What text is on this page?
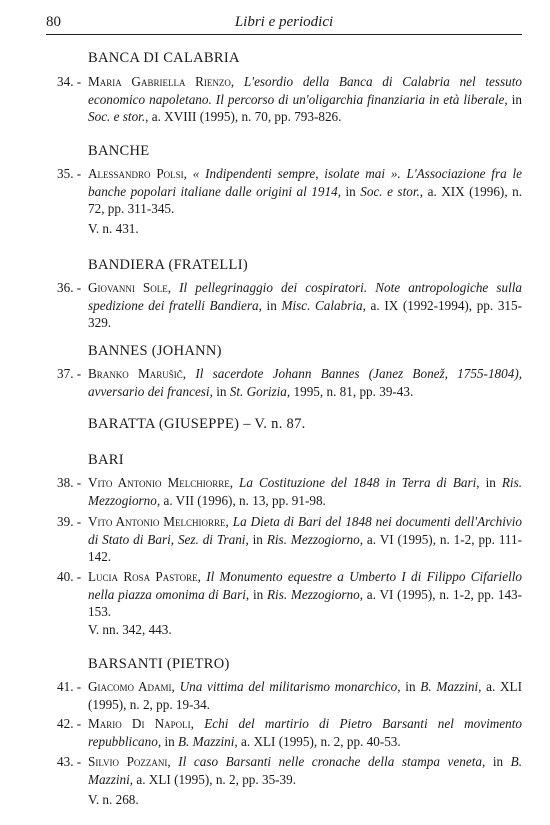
80	Libri e periodici
BANCA DI CALABRIA
34. - Maria Gabriella Rienzo, L'esordio della Banca di Calabria nel tessuto economico napoletano. Il percorso di un'oligarchia finanziaria in età liberale, in Soc. e stor., a. XVIII (1995), n. 70, pp. 793-826.
BANCHE
35. - Alessandro Polsi, « Indipendenti sempre, isolate mai ». L'Associazione fra le banche popolari italiane dalle origini al 1914, in Soc. e stor., a. XIX (1996), n. 72, pp. 311-345.
V. n. 431.
BANDIERA (FRATELLI)
36. - Giovanni Sole, Il pellegrinaggio dei cospiratori. Note antropologiche sulla spedizione dei fratelli Bandiera, in Misc. Calabria, a. IX (1992-1994), pp. 315-329.
BANNES (JOHANN)
37. - Branko Marušič, Il sacerdote Johann Bannes (Janez Bonež, 1755-1804), avversario dei francesi, in St. Gorizia, 1995, n. 81, pp. 39-43.
BARATTA (GIUSEPPE) – V. n. 87.
BARI
38. - Vito Antonio Melchiorre, La Costituzione del 1848 in Terra di Bari, in Ris. Mezzogiorno, a. VII (1996), n. 13, pp. 91-98.
39. - Vito Antonio Melchiorre, La Dieta di Bari del 1848 nei documenti dell'Archivio di Stato di Bari, Sez. di Trani, in Ris. Mezzogiorno, a. VI (1995), n. 1-2, pp. 111-142.
40. - Lucia Rosa Pastore, Il Monumento equestre a Umberto I di Filippo Cifariello nella piazza omonima di Bari, in Ris. Mezzogiorno, a. VI (1995), n. 1-2, pp. 143-153.
V. nn. 342, 443.
BARSANTI (PIETRO)
41. - Giacomo Adami, Una vittima del militarismo monarchico, in B. Mazzini, a. XLI (1995), n. 2, pp. 19-34.
42. - Mario Di Napoli, Echi del martirio di Pietro Barsanti nel movimento repubblicano, in B. Mazzini, a. XLI (1995), n. 2, pp. 40-53.
43. - Silvio Pozzani, Il caso Barsanti nelle cronache della stampa veneta, in B. Mazzini, a. XLI (1995), n. 2, pp. 35-39.
V. n. 268.
